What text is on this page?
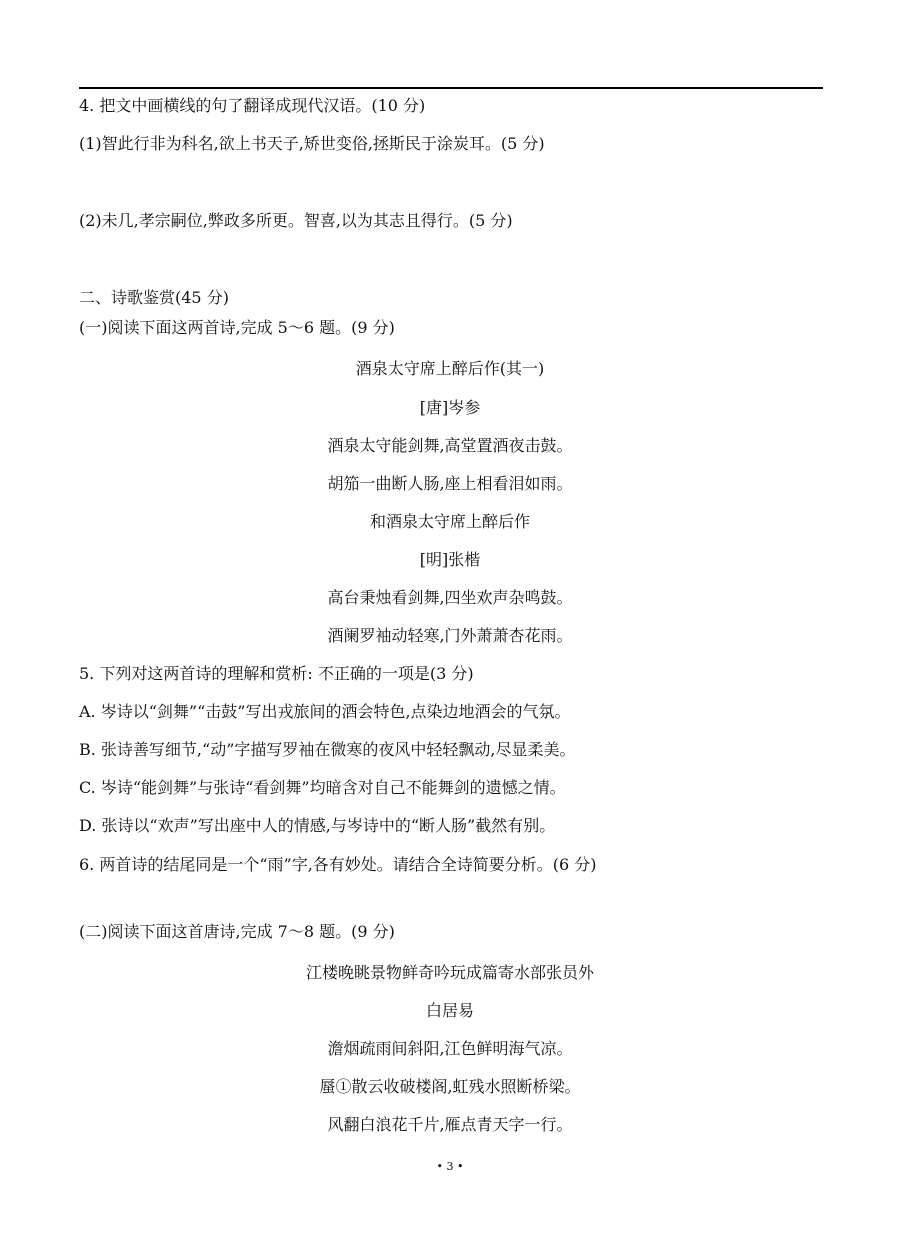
4. 把文中画横线的句了翻译成现代汉语。(10 分)
(1)智此行非为科名,欲上书天子,矫世变俗,拯斯民于涂炭耳。(5 分)
(2)未几,孝宗嗣位,弊政多所更。智喜,以为其志且得行。(5 分)
二、诗歌鉴赏(45 分)
(一)阅读下面这两首诗,完成 5～6 题。(9 分)
酒泉太守席上醉后作(其一)
[唐]岑参
酒泉太守能剑舞,高堂置酒夜击鼓。
胡笳一曲断人肠,座上相看泪如雨。
和酒泉太守席上醉后作
[明]张楷
高台秉烛看剑舞,四坐欢声杂鸣鼓。
酒阑罗袖动轻寒,门外萧萧杏花雨。
5. 下列对这两首诗的理解和赏析: 不正确的一项是(3 分)
A. 岑诗以“剑舞”“击鼓”写出戎旅间的酒会特色,点染边地酒会的气氛。
B. 张诗善写细节,“动”字描写罗袖在微寒的夜风中轻轻飘动,尽显柔美。
C. 岑诗“能剑舞”与张诗“看剑舞”均暗含对自己不能舞剑的遗憾之情。
D. 张诗以“欢声”写出座中人的情感,与岑诗中的“断人肠”截然有别。
6. 两首诗的结尾同是一个“雨”字,各有妙处。请结合全诗简要分析。(6 分)
(二)阅读下面这首唐诗,完成 7～8 题。(9 分)
江楼晚眺景物鲜奇吟玩成篇寄水部张员外
白居易
澹烟疏雨间斜阳,江色鲜明海气凉。
蜃①散云收破楼阁,虹残水照断桥梁。
风翻白浪花千片,雁点青天字一行。
• 3 •
